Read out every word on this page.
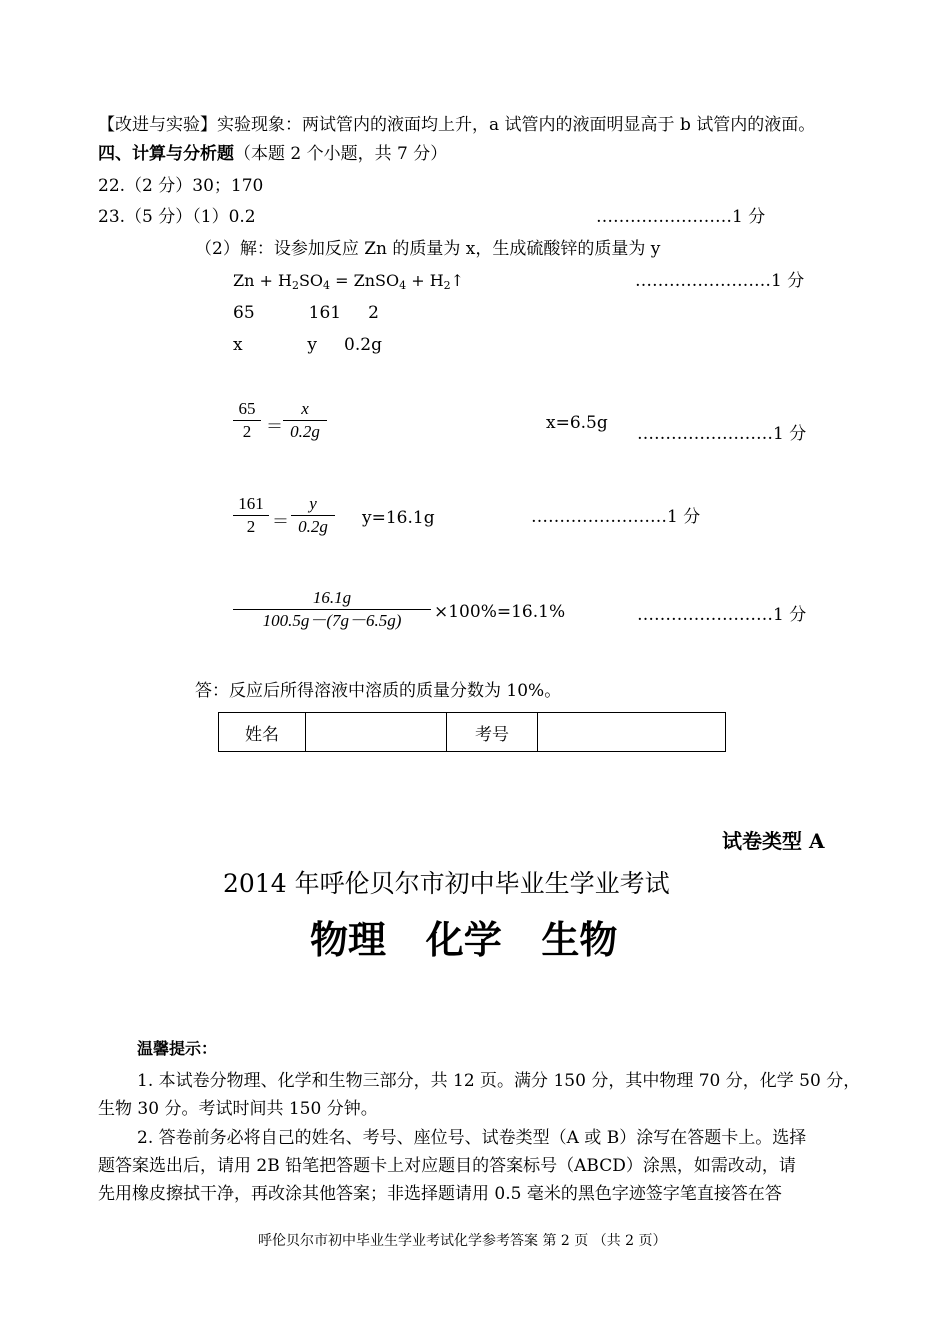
【改进与实验】实验现象：两试管内的液面均上升，a 试管内的液面明显高于 b 试管内的液面。
四、计算与分析题（本题 2 个小题，共 7 分）
22.（2 分）30；170
23.（5 分）（1）0.2	……………………1 分
（2）解：设参加反应 Zn 的质量为 x，生成硫酸锌的质量为 y
$Zn + H_2SO_4$ = ZnSO$_4$ + $H_2↑$	……………………1 分
65          161     2
x            y     0.2g
65
2 ＝
x
0.2g	x=6.5g
……………………1 分
161
2 ＝
y
0.2g	y=16.1g	……………………1 分
16.1g
100.5g－(7g－6.5g)	×100%=16.1%	……………………1 分
答：反应后所得溶液中溶质的质量分数为 10%。
姓名		考号	
试卷类型 A
2014 年呼伦贝尔市初中毕业生学业考试
物理   化学   生物
温馨提示：
1. 本试卷分物理、化学和生物三部分，共 12 页。满分 150 分，其中物理 70 分，化学 50 分，
生物 30 分。考试时间共 150 分钟。
2. 答卷前务必将自己的姓名、考号、座位号、试卷类型（A 或 B）涂写在答题卡上。选择
题答案选出后，请用 2B 铅笔把答题卡上对应题目的答案标号（ABCD）涂黑，如需改动，请
先用橡皮擦拭干净，再改涂其他答案；非选择题请用 0.5 毫米的黑色字迹签字笔直接答在答
呼伦贝尔市初中毕业生学业考试化学参考答案 第 2 页 （共 2 页）
